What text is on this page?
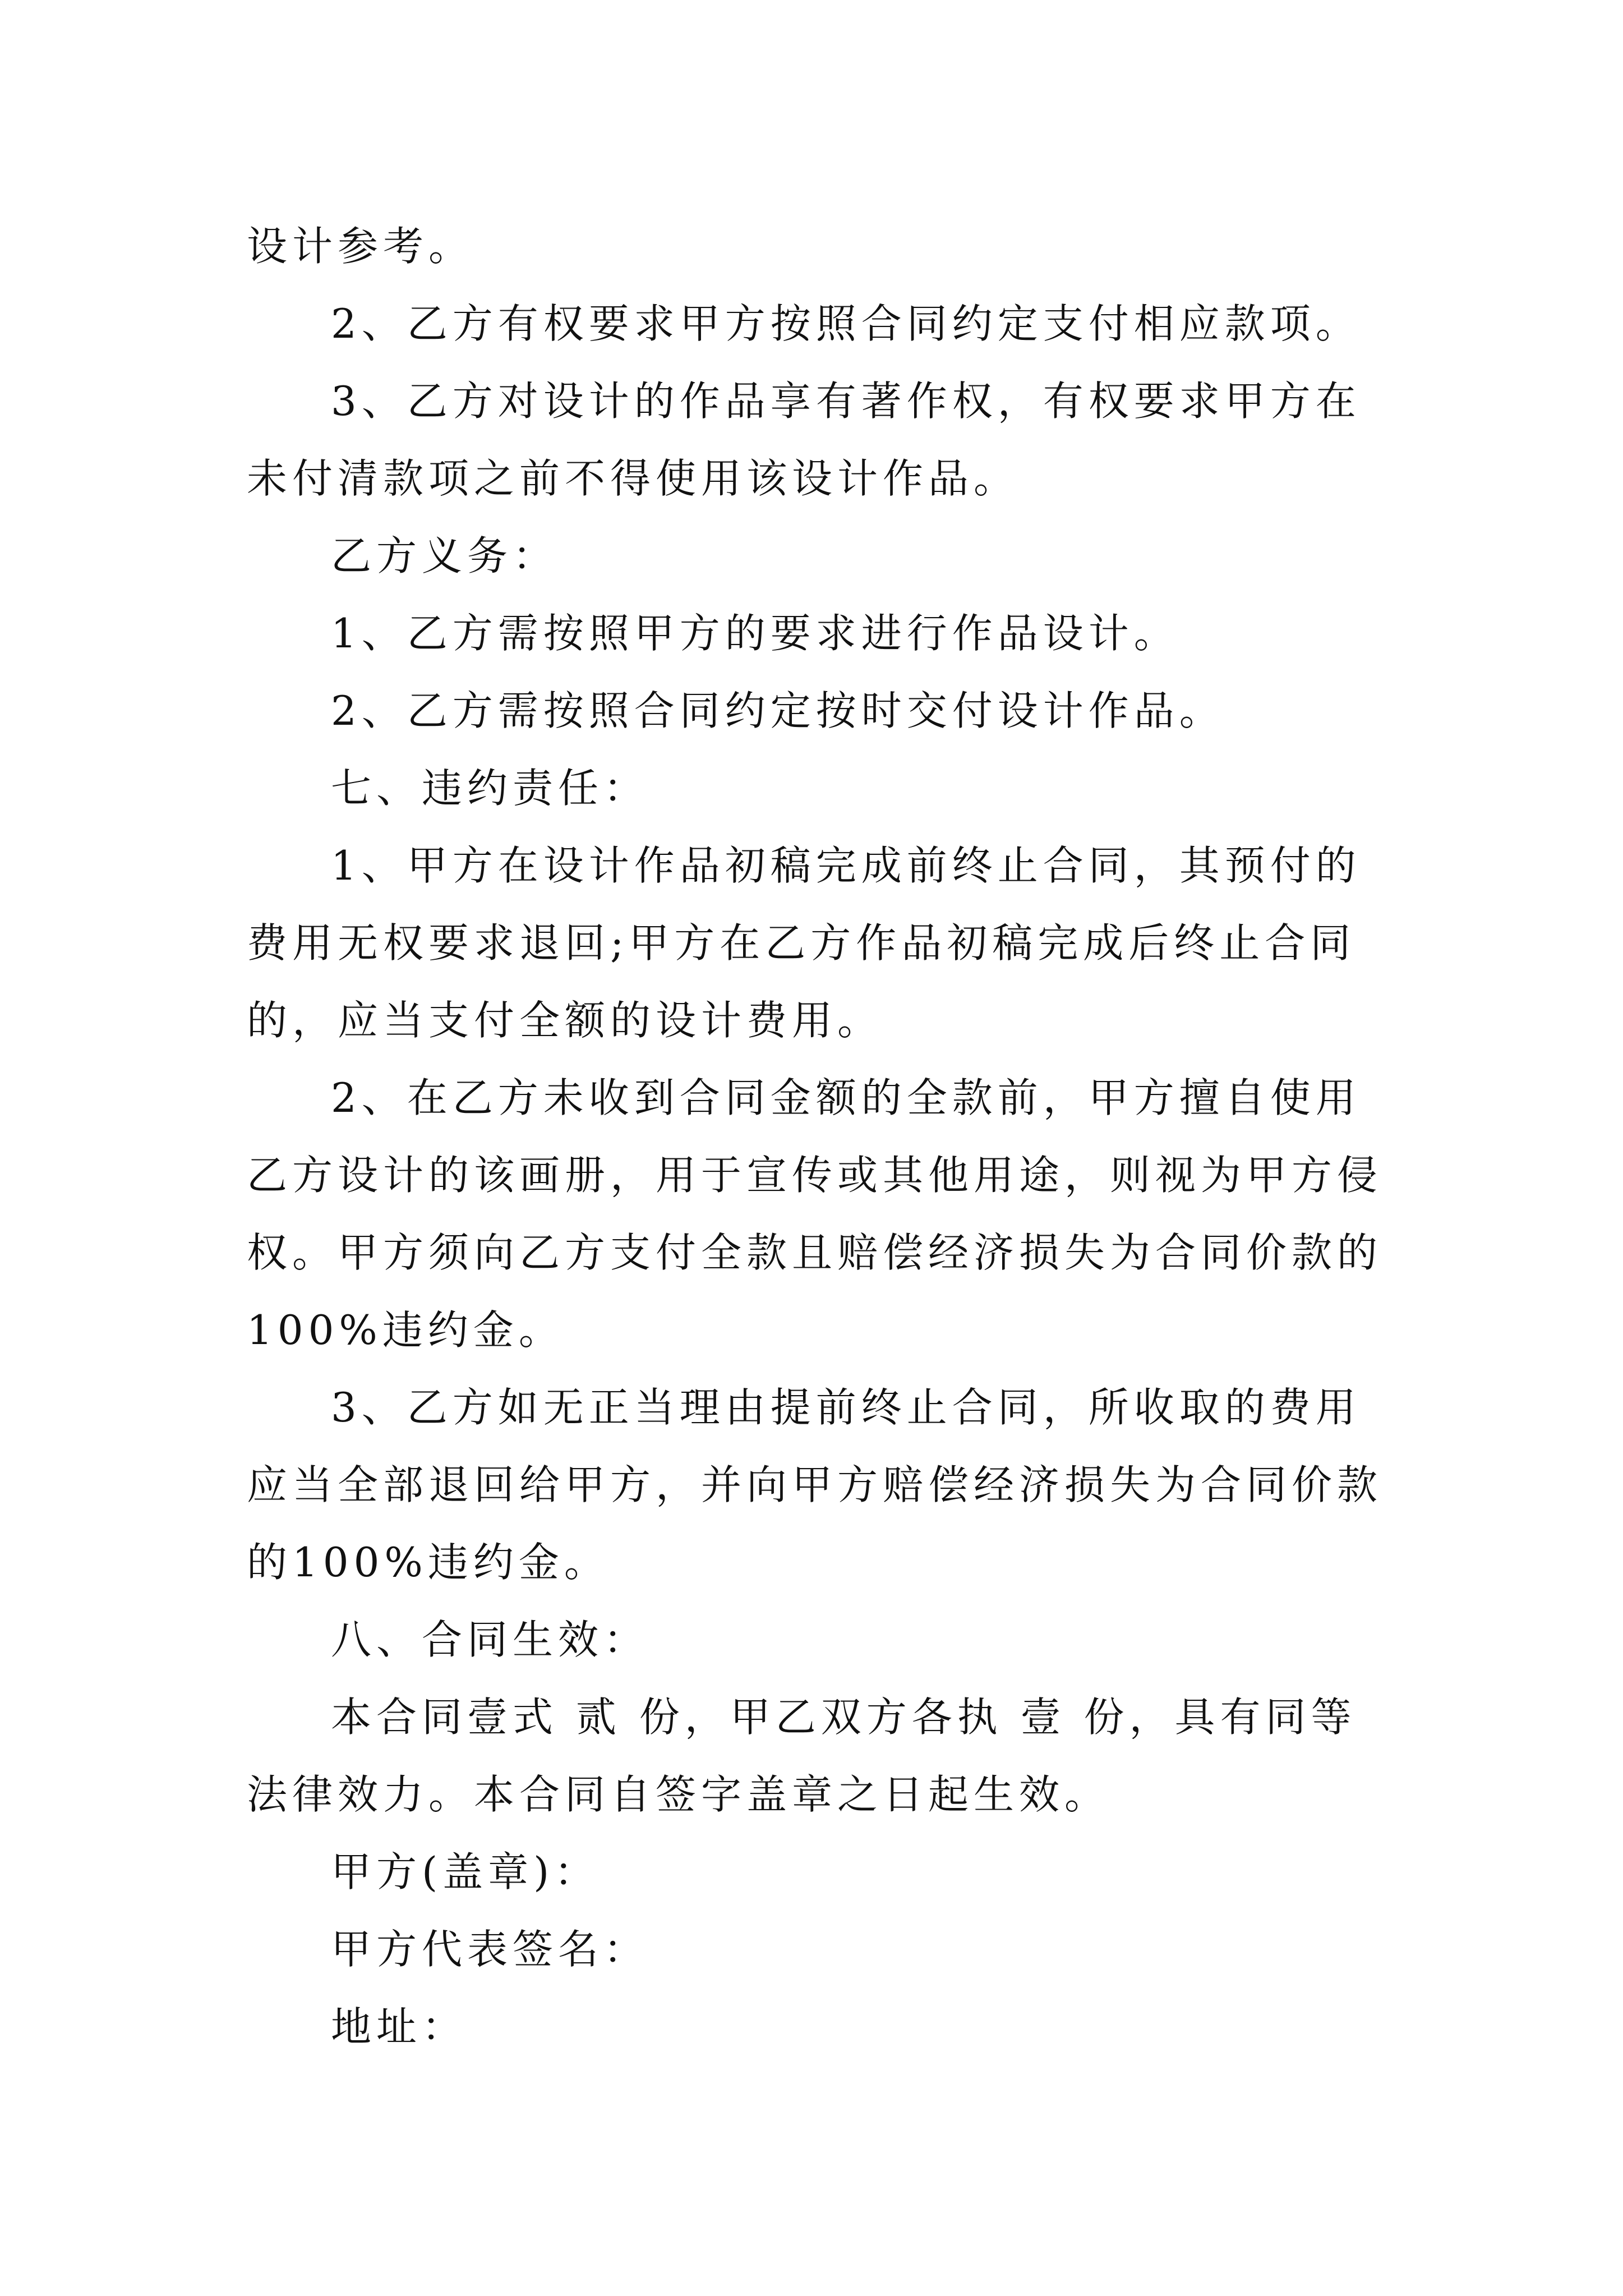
设计参考。

2、乙方有权要求甲方按照合同约定支付相应款项。

3、乙方对设计的作品享有著作权，有权要求甲方在未付清款项之前不得使用该设计作品。

乙方义务：

1、乙方需按照甲方的要求进行作品设计。

2、乙方需按照合同约定按时交付设计作品。

七、违约责任：

1、甲方在设计作品初稿完成前终止合同，其预付的费用无权要求退回;甲方在乙方作品初稿完成后终止合同的，应当支付全额的设计费用。

2、在乙方未收到合同金额的全款前，甲方擅自使用乙方设计的该画册，用于宣传或其他用途，则视为甲方侵权。甲方须向乙方支付全款且赔偿经济损失为合同价款的100%违约金。

3、乙方如无正当理由提前终止合同，所收取的费用应当全部退回给甲方，并向甲方赔偿经济损失为合同价款的100%违约金。

八、合同生效：

本合同壹式 贰 份，甲乙双方各执 壹 份，具有同等法律效力。本合同自签字盖章之日起生效。

甲方(盖章)：

甲方代表签名：

地址：
